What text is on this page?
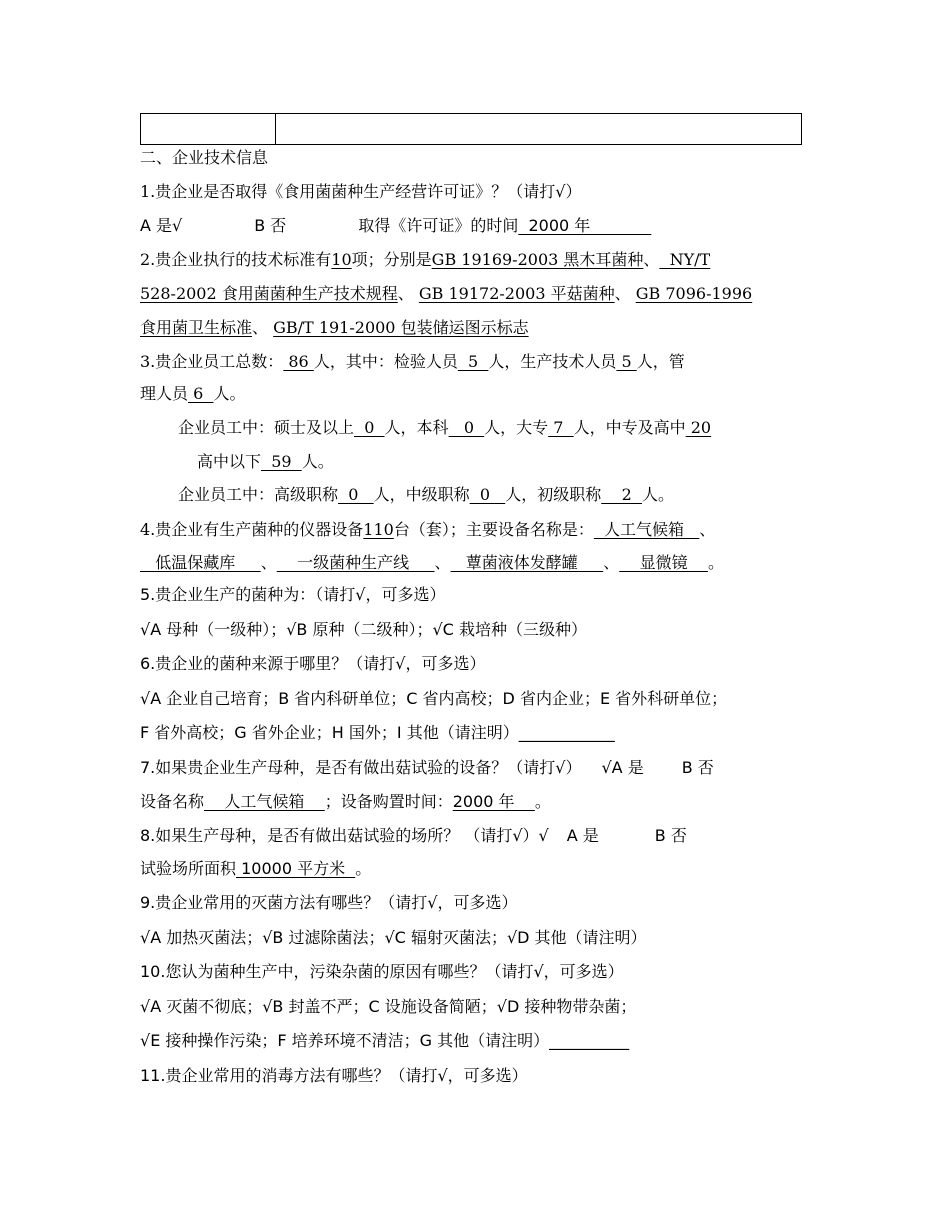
二、企业技术信息
1.贵企业是否取得《食用菌菌种生产经营许可证》？（请打√）
A 是√	B 否	取得《许可证》的时间  2000 年
2.贵企业执行的技术标准有10项；分别是GB 19169-2003 黑木耳菌种、  NY/T
528-2002 食用菌菌种生产技术规程、 GB 19172-2003 平菇菌种、 GB 7096-1996
食用菌卫生标准、 GB/T 191-2000 包装储运图示标志
3.贵企业员工总数： 86 人，其中：检验人员  5  人，生产技术人员 5 人，管
理人员 6  人。
企业员工中：硕士及以上  0  人，本科   0  人，大专 7  人，中专及高中 20
高中以下  59  人。
企业员工中：高级职称  0   人，中级职称  0   人，初级职称    2  人。
4.贵企业有生产菌种的仪器设备110台（套）；主要设备名称是：  人工气候箱   、
低温保藏库     、    一级菌种生产线     、   蕈菌液体发酵罐     、    显微镜    。
5.贵企业生产的菌种为：（请打√，可多选）
√A 母种（一级种）；√B 原种（二级种）；√C 栽培种（三级种）
6.贵企业的菌种来源于哪里？（请打√，可多选）
√A 企业自己培育；B 省内科研单位；C 省内高校；D 省内企业；E 省外科研单位；
F 省外高校；G 省外企业；H 国外；I 其他（请注明）____________
7.如果贵企业生产母种，是否有做出菇试验的设备？（请打√） √A 是 B 否
设备名称    人工气候箱    ；设备购置时间：2000 年    。
8.如果生产母种，是否有做出菇试验的场所？ （请打√）√ A 是	B 否
试验场所面积 10000 平方米  。
9.贵企业常用的灭菌方法有哪些？（请打√，可多选）
√A 加热灭菌法；√B 过滤除菌法；√C 辐射灭菌法；√D 其他（请注明）
10.您认为菌种生产中，污染杂菌的原因有哪些？（请打√，可多选）
√A 灭菌不彻底；√B 封盖不严；C 设施设备简陋；√D 接种物带杂菌；
√E 接种操作污染；F 培养环境不清洁；G 其他（请注明）__________
11.贵企业常用的消毒方法有哪些？（请打√，可多选）
